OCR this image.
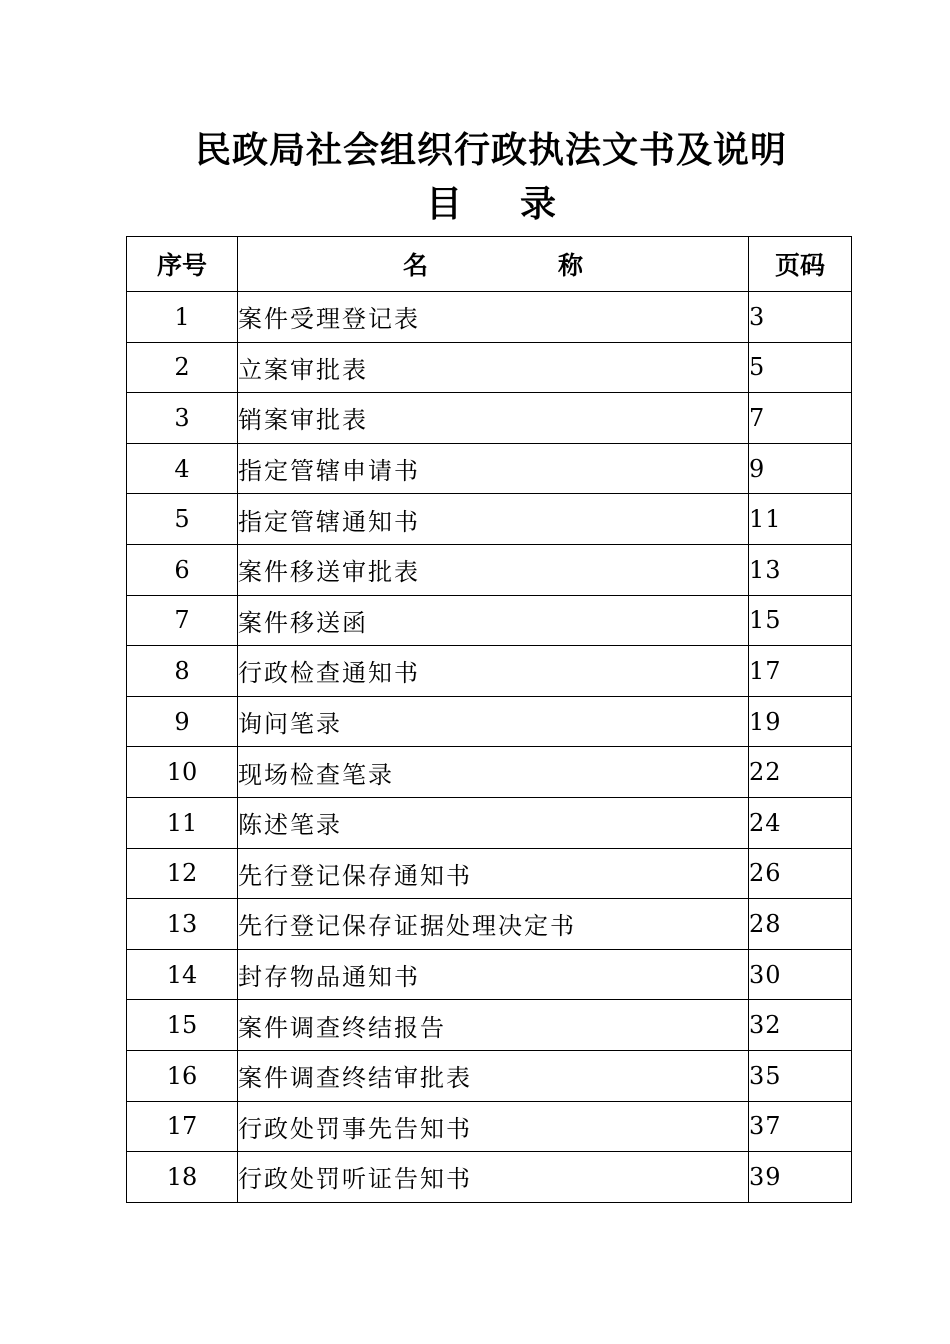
民政局社会组织行政执法文书及说明
目 录
序号	名 称	页码
1	案件受理登记表	3
2	立案审批表	5
3	销案审批表	7
4	指定管辖申请书	9
5	指定管辖通知书	11
6	案件移送审批表	13
7	案件移送函	15
8	行政检查通知书	17
9	询问笔录	19
10	现场检查笔录	22
11	陈述笔录	24
12	先行登记保存通知书	26
13	先行登记保存证据处理决定书	28
14	封存物品通知书	30
15	案件调查终结报告	32
16	案件调查终结审批表	35
17	行政处罚事先告知书	37
18	行政处罚听证告知书	39
